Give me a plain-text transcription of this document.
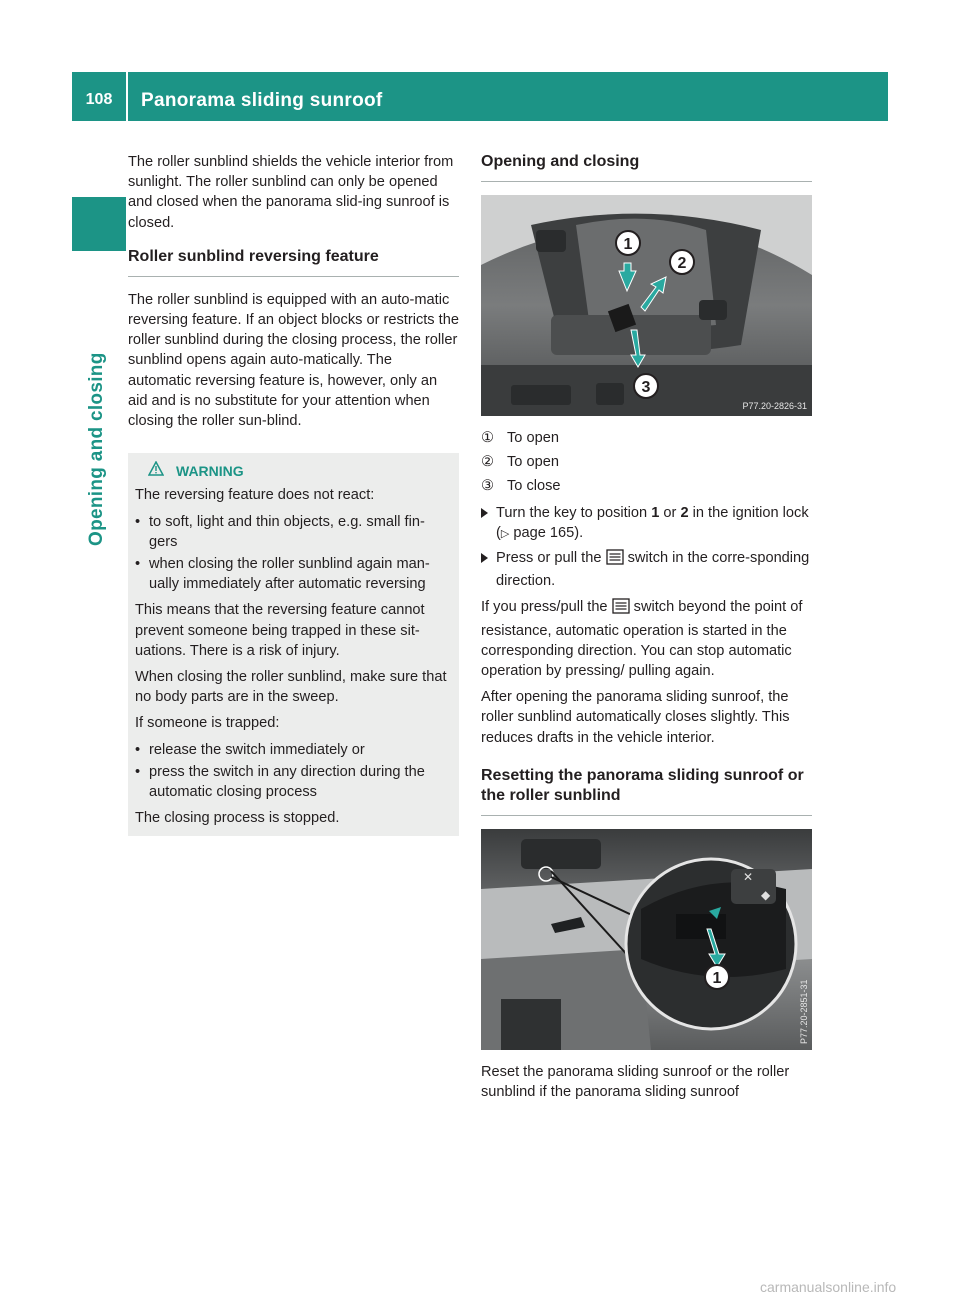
108	Panorama sliding sunroof
Opening and closing

The roller sunblind shields the vehicle interior from sunlight. The roller sunblind can only be opened and closed when the panorama slid-ing sunroof is closed.

Roller sunblind reversing feature

The roller sunblind is equipped with an auto-matic reversing feature. If an object blocks or restricts the roller sunblind during the closing process, the roller sunblind opens again auto-matically. The automatic reversing feature is, however, only an aid and is no substitute for your attention when closing the roller sun-blind.

WARNING

The reversing feature does not react:

• to soft, light and thin objects, e.g. small fin-gers
• when closing the roller sunblind again man-ually immediately after automatic reversing

This means that the reversing feature cannot prevent someone being trapped in these sit-uations. There is a risk of injury.

When closing the roller sunblind, make sure that no body parts are in the sweep.

If someone is trapped:

• release the switch immediately or
• press the switch in any direction during the automatic closing process

The closing process is stopped.

Opening and closing
1
2
3
P77.20-2826-31
① To open
② To open
③ To close
Turn the key to position 1 or 2 in the ignition lock (▷ page 165).
Press or pull the  switch in the corre-sponding direction.

If you press/pull the  switch beyond the point of resistance, automatic operation is started in the corresponding direction. You can stop automatic operation by pressing/ pulling again.

After opening the panorama sliding sunroof, the roller sunblind automatically closes slightly. This reduces drafts in the vehicle interior.

Resetting the panorama sliding sunroof or the roller sunblind
✕
◆
1
P77.20-2851-31

Reset the panorama sliding sunroof or the roller sunblind if the panorama sliding sunroof

carmanualsonline.info
